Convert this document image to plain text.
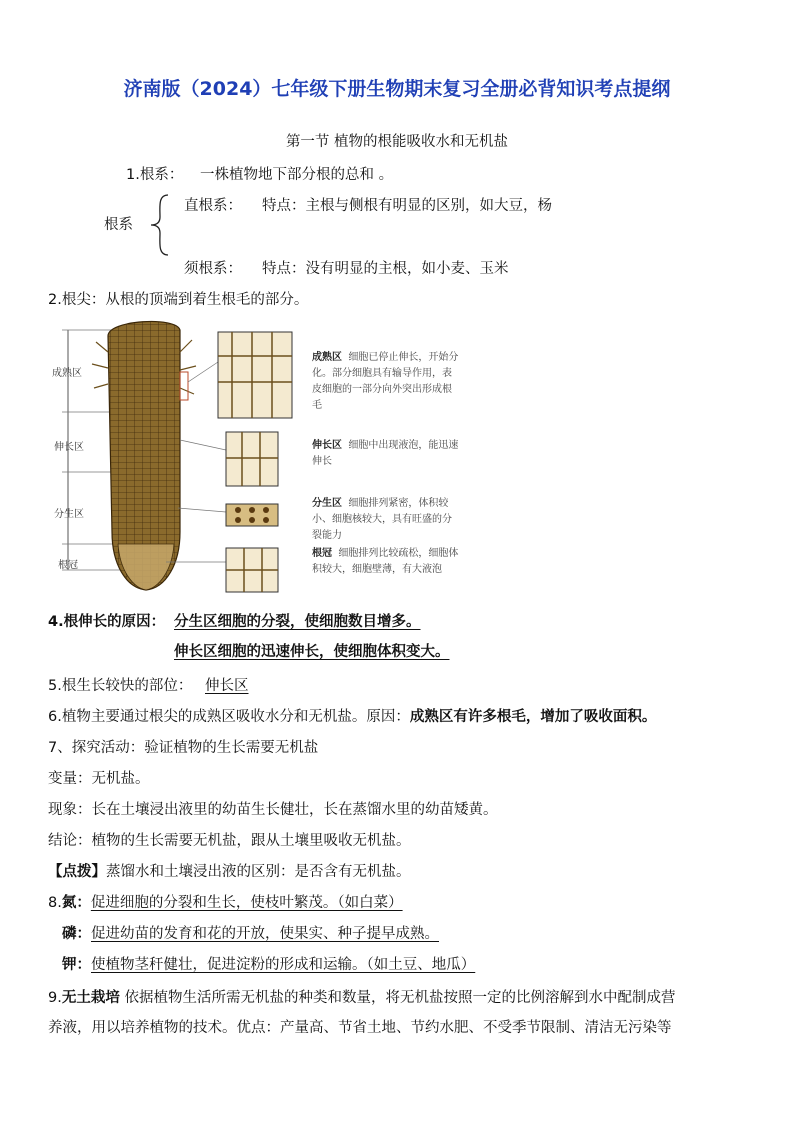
济南版（2024）七年级下册生物期末复习全册必背知识考点提纲
第一节 植物的根能吸收水和无机盐
1.根系： 一株植物地下部分根的总和 。
根系
直根系： 特点：主根与侧根有明显的区别，如大豆，杨
须根系： 特点：没有明显的主根，如小麦、玉米
2.根尖：从根的顶端到着生根毛的部分。
成熟区
伸长区
分生区
根冠
成熟区 细胞已停止伸长，开始分化。部分细胞具有输导作用，表皮细胞的一部分向外突出形成根毛
伸长区 细胞中出现液泡，能迅速伸长
分生区 细胞排列紧密，体积较小、细胞核较大，具有旺盛的分裂能力
根冠 细胞排列比较疏松，细胞体积较大，细胞壁薄，有大液泡
4.根伸长的原因： 分生区细胞的分裂，使细胞数目增多。
伸长区细胞的迅速伸长，使细胞体积变大。
5.根生长较快的部位： 伸长区
6.植物主要通过根尖的成熟区吸收水分和无机盐。原因：成熟区有许多根毛，增加了吸收面积。
7、探究活动：验证植物的生长需要无机盐
变量：无机盐。
现象：长在土壤浸出液里的幼苗生长健壮，长在蒸馏水里的幼苗矮黄。
结论：植物的生长需要无机盐，跟从土壤里吸收无机盐。
【点拨】蒸馏水和土壤浸出液的区别：是否含有无机盐。
8.氮：促进细胞的分裂和生长，使枝叶繁茂。（如白菜）
磷：促进幼苗的发育和花的开放，使果实、种子提早成熟。
钾：使植物茎秆健壮，促进淀粉的形成和运输。（如土豆、地瓜）
9.无土栽培 依据植物生活所需无机盐的种类和数量，将无机盐按照一定的比例溶解到水中配制成营
养液，用以培养植物的技术。优点：产量高、节省土地、节约水肥、不受季节限制、清洁无污染等
